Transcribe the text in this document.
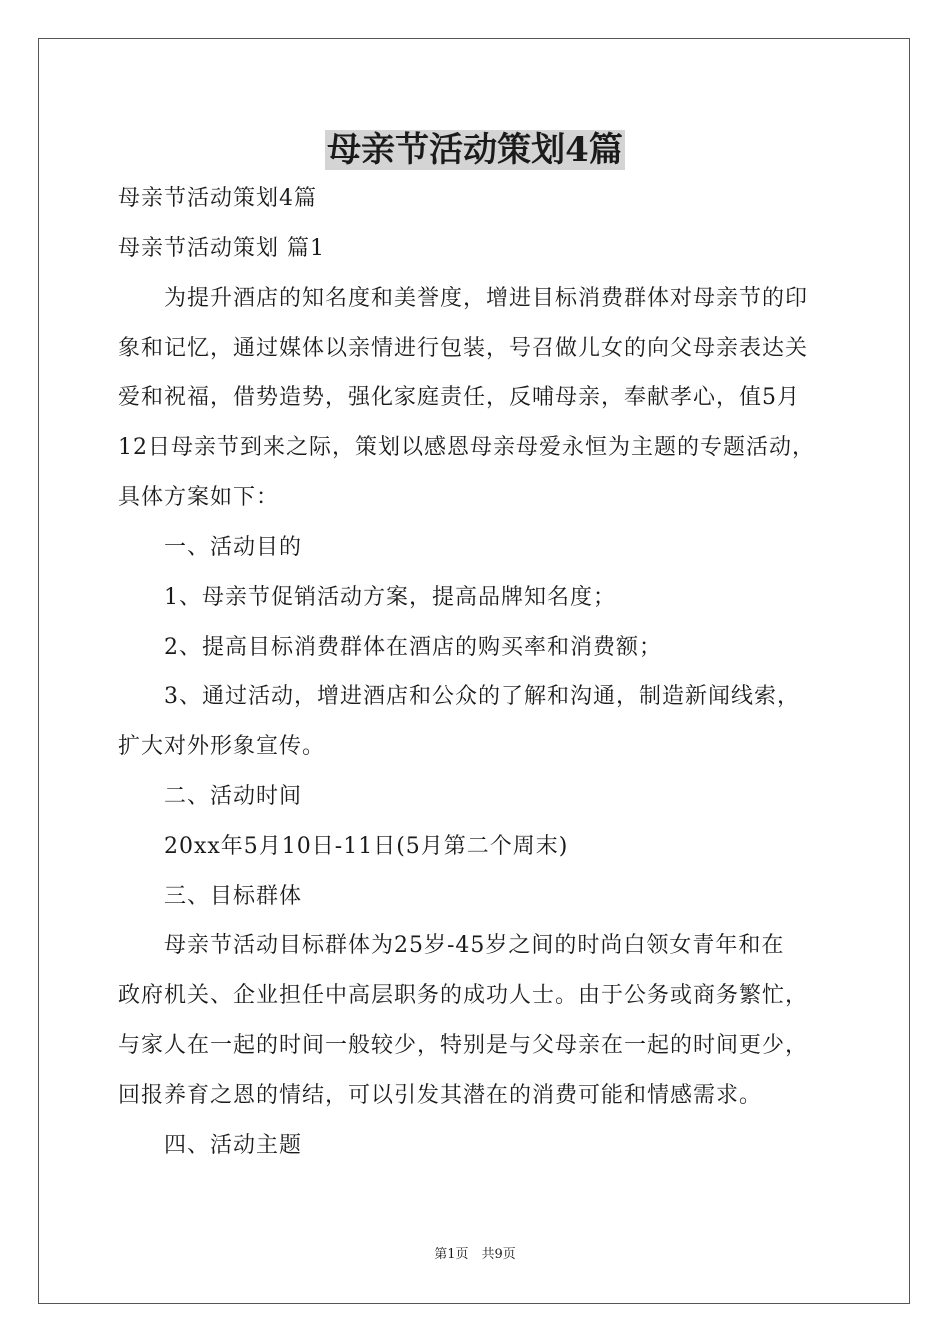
母亲节活动策划4篇
母亲节活动策划4篇
母亲节活动策划 篇1
为提升酒店的知名度和美誉度，增进目标消费群体对母亲节的印
象和记忆，通过媒体以亲情进行包装，号召做儿女的向父母亲表达关
爱和祝福，借势造势，强化家庭责任，反哺母亲，奉献孝心，值5月
12日母亲节到来之际，策划以感恩母亲母爱永恒为主题的专题活动，
具体方案如下：
一、活动目的
1、母亲节促销活动方案，提高品牌知名度；
2、提高目标消费群体在酒店的购买率和消费额；
3、通过活动，增进酒店和公众的了解和沟通，制造新闻线索，
扩大对外形象宣传。
二、活动时间
20xx年5月10日-11日(5月第二个周末)
三、目标群体
母亲节活动目标群体为25岁-45岁之间的时尚白领女青年和在
政府机关、企业担任中高层职务的成功人士。由于公务或商务繁忙，
与家人在一起的时间一般较少，特别是与父母亲在一起的时间更少，
回报养育之恩的情结，可以引发其潜在的消费可能和情感需求。
四、活动主题
第1页　共9页
